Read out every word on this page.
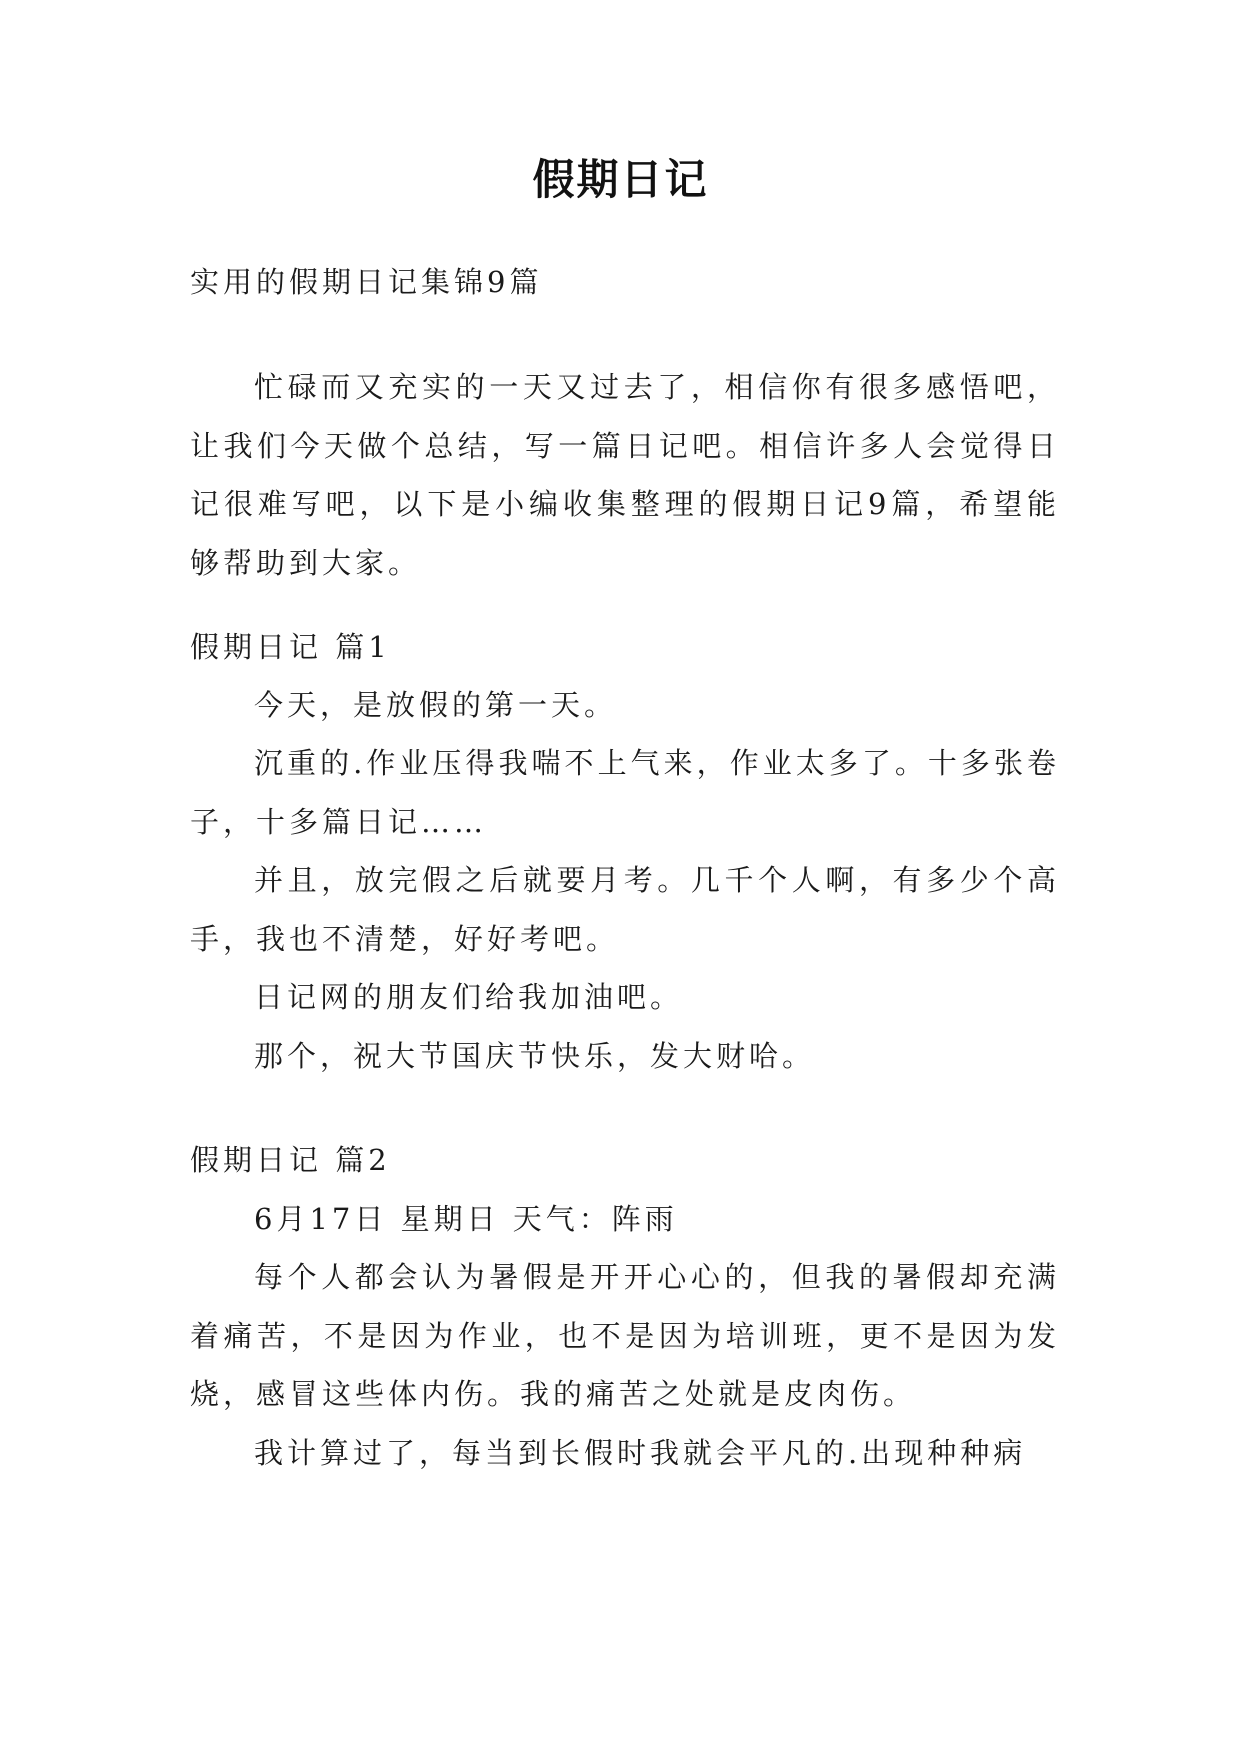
假期日记
实用的假期日记集锦9篇
忙碌而又充实的一天又过去了，相信你有很多感悟吧，让我们今天做个总结，写一篇日记吧。相信许多人会觉得日记很难写吧，以下是小编收集整理的假期日记9篇，希望能够帮助到大家。
假期日记 篇1
今天，是放假的第一天。
沉重的.作业压得我喘不上气来，作业太多了。十多张卷子，十多篇日记……
并且，放完假之后就要月考。几千个人啊，有多少个高手，我也不清楚，好好考吧。
日记网的朋友们给我加油吧。
那个，祝大节国庆节快乐，发大财哈。
假期日记 篇2
6月17日 星期日 天气：阵雨
每个人都会认为暑假是开开心心的，但我的暑假却充满着痛苦，不是因为作业，也不是因为培训班，更不是因为发烧，感冒这些体内伤。我的痛苦之处就是皮肉伤。
我计算过了，每当到长假时我就会平凡的.出现种种病
